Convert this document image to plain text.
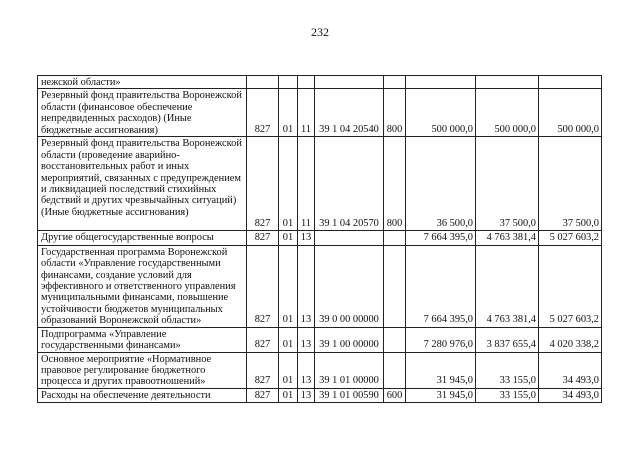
232
нежской области»								
Резервный фонд правительства Воронежской области (финансовое обеспечение непредвиденных расходов) (Иные бюджетные ассигнования)	827	01	11	39 1 04 20540	800	500 000,0	500 000,0	500 000,0
Резервный фонд правительства Воронежской области (проведение аварийно-восстановительных работ и иных мероприятий, связанных с предупреждением и ликвидацией последствий стихийных бедствий и других чрезвычайных ситуаций) (Иные бюджетные ассигнования)	827	01	11	39 1 04 20570	800	36 500,0	37 500,0	37 500,0
Другие общегосударственные вопросы	827	01	13			7 664 395,0	4 763 381,4	5 027 603,2
Государственная программа Воронежской области «Управление государственными финансами, создание условий для эффективного и ответственного управления муниципальными финансами, повышение устойчивости бюджетов муниципальных образований Воронежской области»	827	01	13	39 0 00 00000		7 664 395,0	4 763 381,4	5 027 603,2
Подпрограмма «Управление государственными финансами»	827	01	13	39 1 00 00000		7 280 976,0	3 837 655,4	4 020 338,2
Основное мероприятие «Нормативное правовое регулирование бюджетного процесса и других правоотношений»	827	01	13	39 1 01 00000		31 945,0	33 155,0	34 493,0
Расходы на обеспечение деятельности	827	01	13	39 1 01 00590	600	31 945,0	33 155,0	34 493,0
